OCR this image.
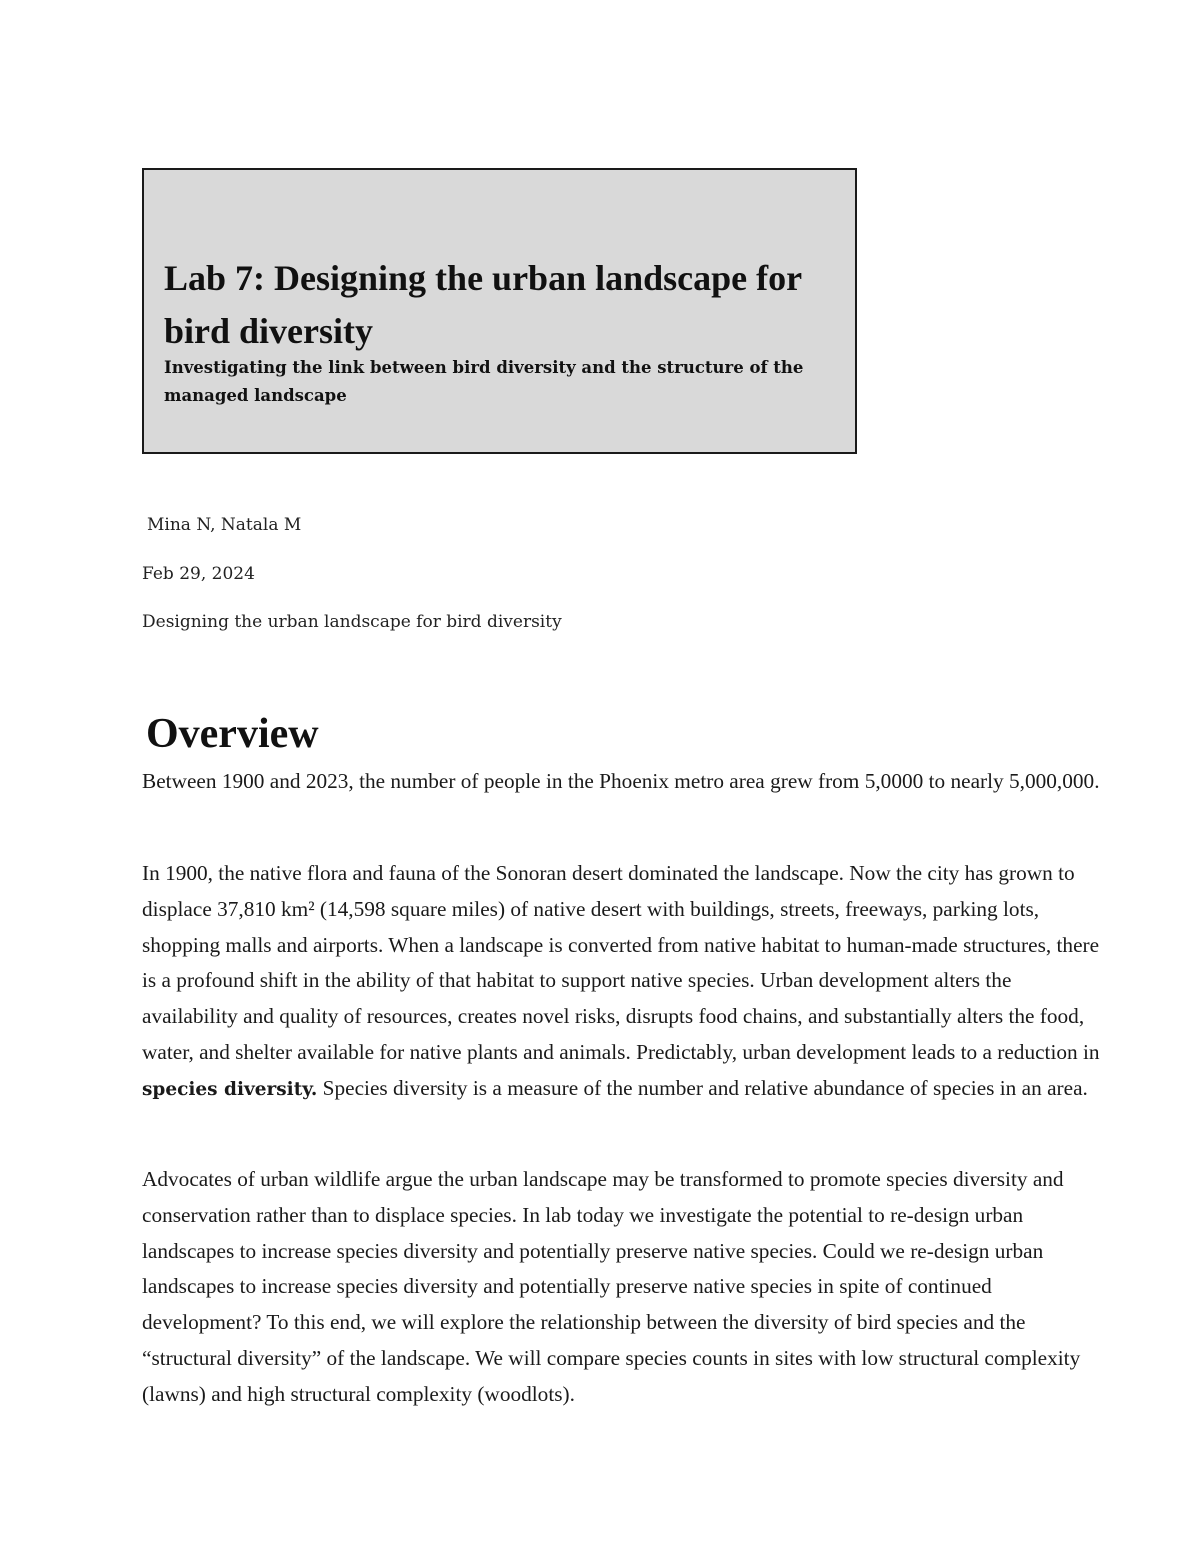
Lab 7: Designing the urban landscape for bird diversity

Investigating the link between bird diversity and the structure of the managed landscape

Mina N, Natala M

Feb 29, 2024

Designing the urban landscape for bird diversity

Overview

Between 1900 and 2023, the number of people in the Phoenix metro area grew from 5,0000 to nearly 5,000,000.

In 1900, the native flora and fauna of the Sonoran desert dominated the landscape. Now the city has grown to displace 37,810 km² (14,598 square miles) of native desert with buildings, streets, freeways, parking lots, shopping malls and airports. When a landscape is converted from native habitat to human-made structures, there is a profound shift in the ability of that habitat to support native species. Urban development alters the availability and quality of resources, creates novel risks, disrupts food chains, and substantially alters the food, water, and shelter available for native plants and animals. Predictably, urban development leads to a reduction in species diversity. Species diversity is a measure of the number and relative abundance of species in an area.

Advocates of urban wildlife argue the urban landscape may be transformed to promote species diversity and conservation rather than to displace species. In lab today we investigate the potential to re-design urban landscapes to increase species diversity and potentially preserve native species. Could we re-design urban landscapes to increase species diversity and potentially preserve native species in spite of continued development? To this end, we will explore the relationship between the diversity of bird species and the “structural diversity” of the landscape. We will compare species counts in sites with low structural complexity (lawns) and high structural complexity (woodlots).
